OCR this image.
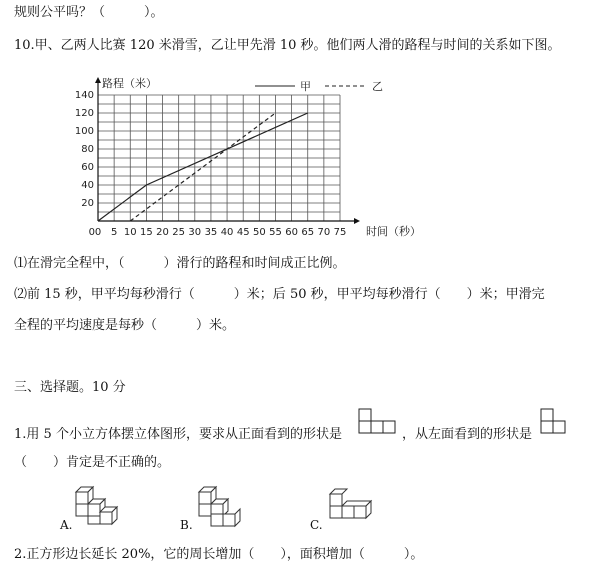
规则公平吗？（　　　）。
10.甲、乙两人比赛 120 米滑雪，乙让甲先滑 10 秒。他们两人滑的路程与时间的关系如下图。
0 5 10 15 20 25 30 35 40 45 50 55 60 65 70 75
0
20
40
60
80
100
120
140
路程（米）
时间（秒）
甲	乙
⑴在滑完全程中，（　　　）滑行的路程和时间成正比例。
⑵前 15 秒，甲平均每秒滑行（　　　）米；后 50 秒，甲平均每秒滑行（　　）米；甲滑完
全程的平均速度是每秒（　　　）米。
三、选择题。10 分
1.用 5 个小立方体摆立体图形，要求从正面看到的形状是	，从左面看到的形状是
（　　）肯定是不正确的。
A.	B.	C.
2.正方形边长延长 20%，它的周长增加（　　），面积增加（　　　）。
